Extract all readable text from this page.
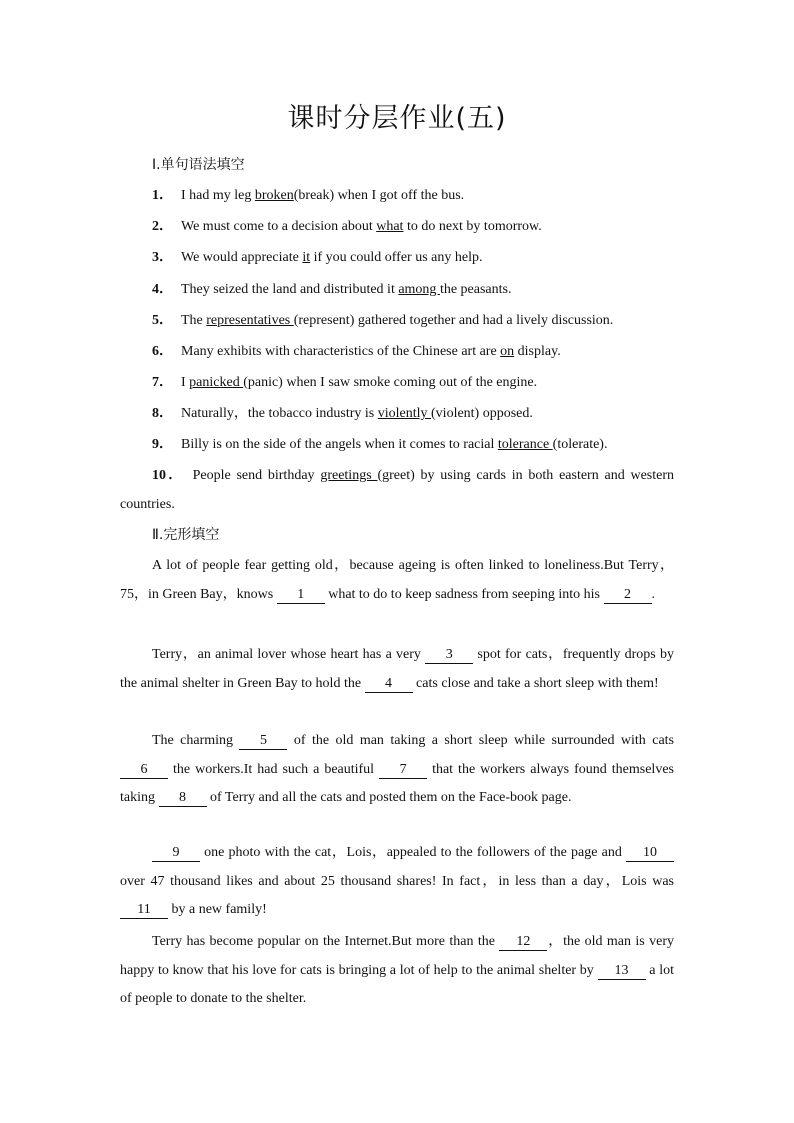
课时分层作业(五)
Ⅰ.单句语法填空
1． I had my leg broken(break) when I got off the bus.
2． We must come to a decision about what to do next by tomorrow.
3． We would appreciate it if you could offer us any help.
4． They seized the land and distributed it among the peasants.
5． The representatives (represent) gathered together and had a lively discussion.
6． Many exhibits with characteristics of the Chinese art are on display.
7． I panicked (panic) when I saw smoke coming out of the engine.
8． Naturally，the tobacco industry is violently (violent) opposed.
9． Billy is on the side of the angels when it comes to racial tolerance (tolerate).
10． People send birthday greetings (greet) by using cards in both eastern and western countries.
Ⅱ.完形填空
A lot of people fear getting old，because ageing is often linked to loneliness.But Terry，75，in Green Bay，knows 1 what to do to keep sadness from seeping into his 2 .
Terry，an animal lover whose heart has a very 3 spot for cats，frequently drops by the animal shelter in Green Bay to hold the 4 cats close and take a short sleep with them!
The charming 5 of the old man taking a short sleep while surrounded with cats 6 the workers.It had such a beautiful 7 that the workers always found themselves taking 8 of Terry and all the cats and posted them on the Face-book page.
9 one photo with the cat，Lois，appealed to the followers of the page and 10 over 47 thousand likes and about 25 thousand shares! In fact，in less than a day，Lois was 11 by a new family!
Terry has become popular on the Internet.But more than the 12 ，the old man is very happy to know that his love for cats is bringing a lot of help to the animal shelter by 13 a lot of people to donate to the shelter.
